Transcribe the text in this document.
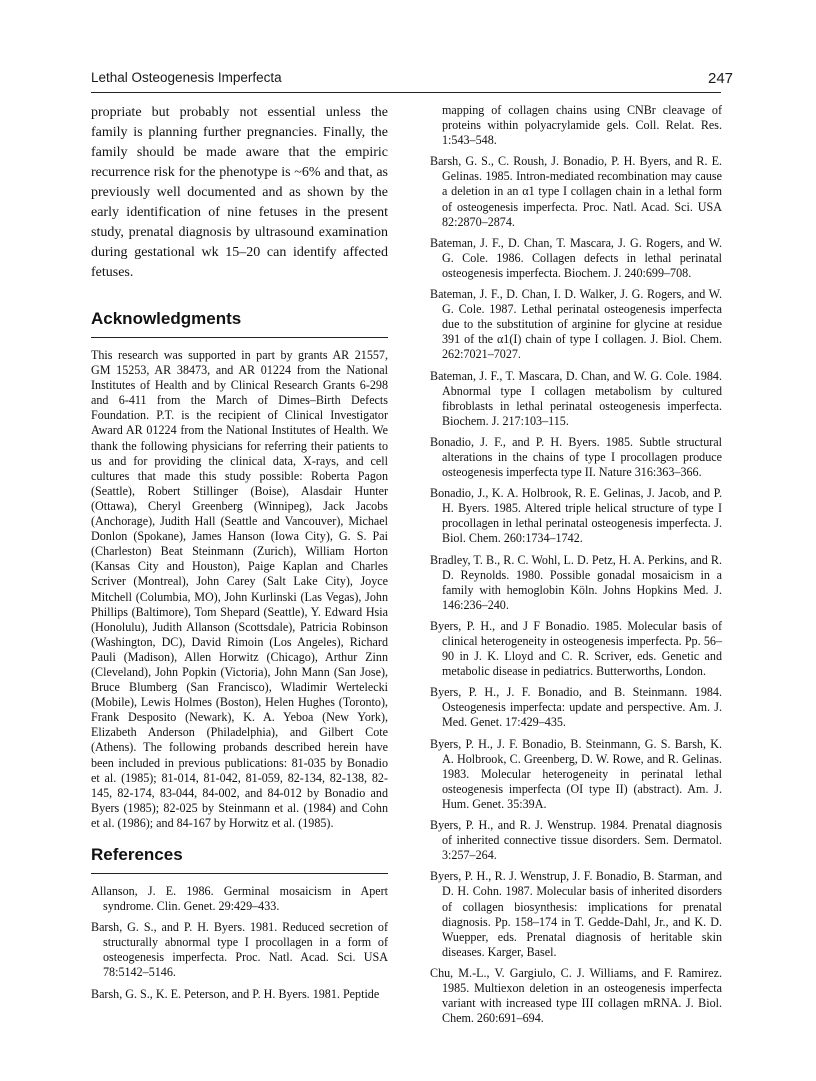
Lethal Osteogenesis Imperfecta	247

propriate but probably not essential unless the family is planning further pregnancies. Finally, the family should be made aware that the empiric recurrence risk for the phenotype is ~6% and that, as previously well documented and as shown by the early identification of nine fetuses in the present study, prenatal diagnosis by ultrasound examination during gestational wk 15–20 can identify affected fetuses.

Acknowledgments

This research was supported in part by grants AR 21557, GM 15253, AR 38473, and AR 01224 from the National Institutes of Health and by Clinical Research Grants 6-298 and 6-411 from the March of Dimes–Birth Defects Foundation. P.T. is the recipient of Clinical Investigator Award AR 01224 from the National Institutes of Health. We thank the following physicians for referring their patients to us and for providing the clinical data, X-rays, and cell cultures that made this study possible: Roberta Pagon (Seattle), Robert Stillinger (Boise), Alasdair Hunter (Ottawa), Cheryl Greenberg (Winnipeg), Jack Jacobs (Anchorage), Judith Hall (Seattle and Vancouver), Michael Donlon (Spokane), James Hanson (Iowa City), G. S. Pai (Charleston) Beat Steinmann (Zurich), William Horton (Kansas City and Houston), Paige Kaplan and Charles Scriver (Montreal), John Carey (Salt Lake City), Joyce Mitchell (Columbia, MO), John Kurlinski (Las Vegas), John Phillips (Baltimore), Tom Shepard (Seattle), Y. Edward Hsia (Honolulu), Judith Allanson (Scottsdale), Patricia Robinson (Washington, DC), David Rimoin (Los Angeles), Richard Pauli (Madison), Allen Horwitz (Chicago), Arthur Zinn (Cleveland), John Popkin (Victoria), John Mann (San Jose), Bruce Blumberg (San Francisco), Wladimir Wertelecki (Mobile), Lewis Holmes (Boston), Helen Hughes (Toronto), Frank Desposito (Newark), K. A. Yeboa (New York), Elizabeth Anderson (Philadelphia), and Gilbert Cote (Athens). The following probands described herein have been included in previous publications: 81-035 by Bonadio et al. (1985); 81-014, 81-042, 81-059, 82-134, 82-138, 82-145, 82-174, 83-044, 84-002, and 84-012 by Bonadio and Byers (1985); 82-025 by Steinmann et al. (1984) and Cohn et al. (1986); and 84-167 by Horwitz et al. (1985).

References

Allanson, J. E. 1986. Germinal mosaicism in Apert syndrome. Clin. Genet. 29:429–433.

Barsh, G. S., and P. H. Byers. 1981. Reduced secretion of structurally abnormal type I procollagen in a form of osteogenesis imperfecta. Proc. Natl. Acad. Sci. USA 78:5142–5146.

Barsh, G. S., K. E. Peterson, and P. H. Byers. 1981. Peptide

mapping of collagen chains using CNBr cleavage of proteins within polyacrylamide gels. Coll. Relat. Res. 1:543–548.

Barsh, G. S., C. Roush, J. Bonadio, P. H. Byers, and R. E. Gelinas. 1985. Intron-mediated recombination may cause a deletion in an α1 type I collagen chain in a lethal form of osteogenesis imperfecta. Proc. Natl. Acad. Sci. USA 82:2870–2874.

Bateman, J. F., D. Chan, T. Mascara, J. G. Rogers, and W. G. Cole. 1986. Collagen defects in lethal perinatal osteogenesis imperfecta. Biochem. J. 240:699–708.

Bateman, J. F., D. Chan, I. D. Walker, J. G. Rogers, and W. G. Cole. 1987. Lethal perinatal osteogenesis imperfecta due to the substitution of arginine for glycine at residue 391 of the α1(I) chain of type I collagen. J. Biol. Chem. 262:7021–7027.

Bateman, J. F., T. Mascara, D. Chan, and W. G. Cole. 1984. Abnormal type I collagen metabolism by cultured fibroblasts in lethal perinatal osteogenesis imperfecta. Biochem. J. 217:103–115.

Bonadio, J. F., and P. H. Byers. 1985. Subtle structural alterations in the chains of type I procollagen produce osteogenesis imperfecta type II. Nature 316:363–366.

Bonadio, J., K. A. Holbrook, R. E. Gelinas, J. Jacob, and P. H. Byers. 1985. Altered triple helical structure of type I procollagen in lethal perinatal osteogenesis imperfecta. J. Biol. Chem. 260:1734–1742.

Bradley, T. B., R. C. Wohl, L. D. Petz, H. A. Perkins, and R. D. Reynolds. 1980. Possible gonadal mosaicism in a family with hemoglobin Köln. Johns Hopkins Med. J. 146:236–240.

Byers, P. H., and J F Bonadio. 1985. Molecular basis of clinical heterogeneity in osteogenesis imperfecta. Pp. 56–90 in J. K. Lloyd and C. R. Scriver, eds. Genetic and metabolic disease in pediatrics. Butterworths, London.

Byers, P. H., J. F. Bonadio, and B. Steinmann. 1984. Osteogenesis imperfecta: update and perspective. Am. J. Med. Genet. 17:429–435.

Byers, P. H., J. F. Bonadio, B. Steinmann, G. S. Barsh, K. A. Holbrook, C. Greenberg, D. W. Rowe, and R. Gelinas. 1983. Molecular heterogeneity in perinatal lethal osteogenesis imperfecta (OI type II) (abstract). Am. J. Hum. Genet. 35:39A.

Byers, P. H., and R. J. Wenstrup. 1984. Prenatal diagnosis of inherited connective tissue disorders. Sem. Dermatol. 3:257–264.

Byers, P. H., R. J. Wenstrup, J. F. Bonadio, B. Starman, and D. H. Cohn. 1987. Molecular basis of inherited disorders of collagen biosynthesis: implications for prenatal diagnosis. Pp. 158–174 in T. Gedde-Dahl, Jr., and K. D. Wuepper, eds. Prenatal diagnosis of heritable skin diseases. Karger, Basel.

Chu, M.-L., V. Gargiulo, C. J. Williams, and F. Ramirez. 1985. Multiexon deletion in an osteogenesis imperfecta variant with increased type III collagen mRNA. J. Biol. Chem. 260:691–694.
